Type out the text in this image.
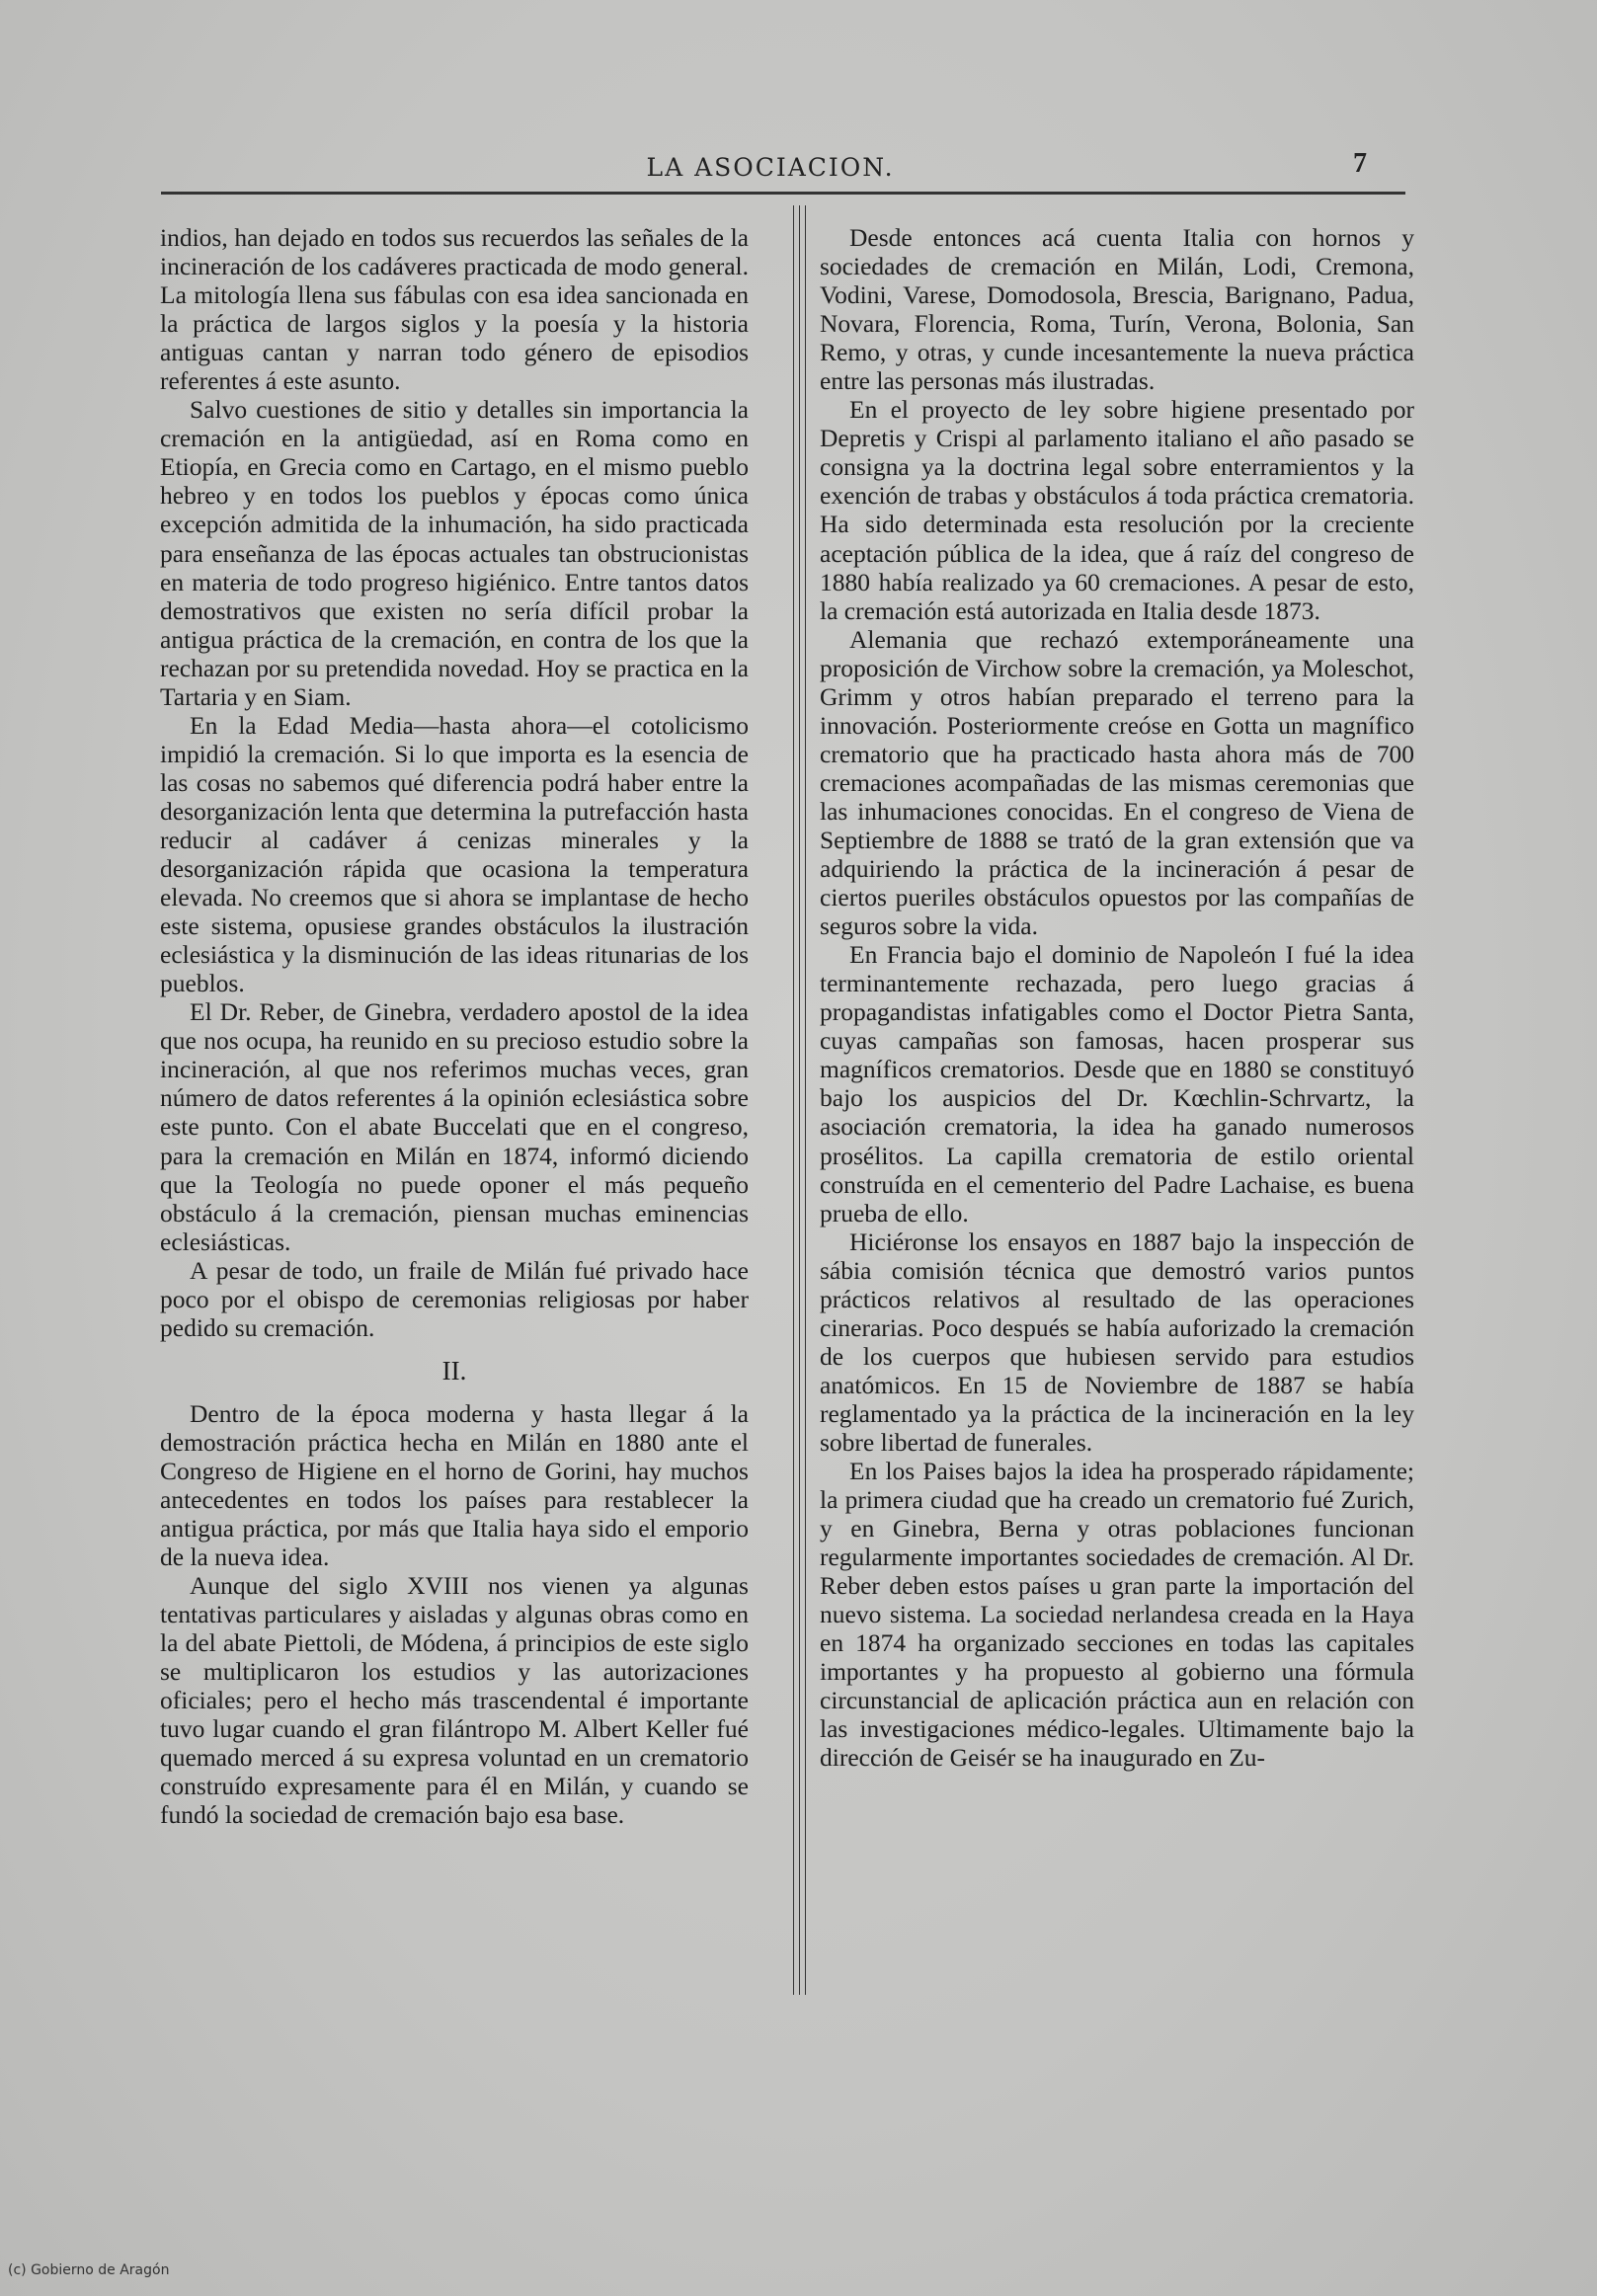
LA ASOCIACION.	7

indios, han dejado en todos sus recuerdos las señales de la incineración de los cadáveres practicada de modo general. La mitología llena sus fábulas con esa idea sancionada en la práctica de largos siglos y la poesía y la historia antiguas cantan y narran todo género de episodios referentes á este asunto.

Salvo cuestiones de sitio y detalles sin importancia la cremación en la antigüedad, así en Roma como en Etiopía, en Grecia como en Cartago, en el mismo pueblo hebreo y en todos los pueblos y épocas como única excepción admitida de la inhumación, ha sido practicada para enseñanza de las épocas actuales tan obstrucionistas en materia de todo progreso higiénico. Entre tantos datos demostrativos que existen no sería difícil probar la antigua práctica de la cremación, en contra de los que la rechazan por su pretendida novedad. Hoy se practica en la Tartaria y en Siam.

En la Edad Media—hasta ahora—el cotolicismo impidió la cremación. Si lo que importa es la esencia de las cosas no sabemos qué diferencia podrá haber entre la desorganización lenta que determina la putrefacción hasta reducir al cadáver á cenizas minerales y la desorganización rápida que ocasiona la temperatura elevada. No creemos que si ahora se implantase de hecho este sistema, opusiese grandes obstáculos la ilustración eclesiástica y la disminución de las ideas ritunarias de los pueblos.

El Dr. Reber, de Ginebra, verdadero apostol de la idea que nos ocupa, ha reunido en su precioso estudio sobre la incineración, al que nos referimos muchas veces, gran número de datos referentes á la opinión eclesiástica sobre este punto. Con el abate Buccelati que en el congreso, para la cremación en Milán en 1874, informó diciendo que la Teología no puede oponer el más pequeño obstáculo á la cremación, piensan muchas eminencias eclesiásticas.

A pesar de todo, un fraile de Milán fué privado hace poco por el obispo de ceremonias religiosas por haber pedido su cremación.

II.

Dentro de la época moderna y hasta llegar á la demostración práctica hecha en Milán en 1880 ante el Congreso de Higiene en el horno de Gorini, hay muchos antecedentes en todos los países para restablecer la antigua práctica, por más que Italia haya sido el emporio de la nueva idea.

Aunque del siglo XVIII nos vienen ya algunas tentativas particulares y aisladas y algunas obras como en la del abate Piettoli, de Módena, á principios de este siglo se multiplicaron los estudios y las autorizaciones oficiales; pero el hecho más trascendental é importante tuvo lugar cuando el gran filántropo M. Albert Keller fué quemado merced á su expresa voluntad en un crematorio construído expresamente para él en Milán, y cuando se fundó la sociedad de cremación bajo esa base.

Desde entonces acá cuenta Italia con hornos y sociedades de cremación en Milán, Lodi, Cremona, Vodini, Varese, Domodosola, Brescia, Barignano, Padua, Novara, Florencia, Roma, Turín, Verona, Bolonia, San Remo, y otras, y cunde incesantemente la nueva práctica entre las personas más ilustradas.

En el proyecto de ley sobre higiene presentado por Depretis y Crispi al parlamento italiano el año pasado se consigna ya la doctrina legal sobre enterramientos y la exención de trabas y obstáculos á toda práctica crematoria. Ha sido determinada esta resolución por la creciente aceptación pública de la idea, que á raíz del congreso de 1880 había realizado ya 60 cremaciones. A pesar de esto, la cremación está autorizada en Italia desde 1873.

Alemania que rechazó extemporáneamente una proposición de Virchow sobre la cremación, ya Moleschot, Grimm y otros habían preparado el terreno para la innovación. Posteriormente creóse en Gotta un magnífico crematorio que ha practicado hasta ahora más de 700 cremaciones acompañadas de las mismas ceremonias que las inhumaciones conocidas. En el congreso de Viena de Septiembre de 1888 se trató de la gran extensión que va adquiriendo la práctica de la incineración á pesar de ciertos pueriles obstáculos opuestos por las compañías de seguros sobre la vida.

En Francia bajo el dominio de Napoleón I fué la idea terminantemente rechazada, pero luego gracias á propagandistas infatigables como el Doctor Pietra Santa, cuyas campañas son famosas, hacen prosperar sus magníficos crematorios. Desde que en 1880 se constituyó bajo los auspicios del Dr. Kœchlin-Schrvartz, la asociación crematoria, la idea ha ganado numerosos prosélitos. La capilla crematoria de estilo oriental construída en el cementerio del Padre Lachaise, es buena prueba de ello.

Hiciéronse los ensayos en 1887 bajo la inspección de sábia comisión técnica que demostró varios puntos prácticos relativos al resultado de las operaciones cinerarias. Poco después se había auforizado la cremación de los cuerpos que hubiesen servido para estudios anatómicos. En 15 de Noviembre de 1887 se había reglamentado ya la práctica de la incineración en la ley sobre libertad de funerales.

En los Paises bajos la idea ha prosperado rápidamente; la primera ciudad que ha creado un crematorio fué Zurich, y en Ginebra, Berna y otras poblaciones funcionan regularmente importantes sociedades de cremación. Al Dr. Reber deben estos países u gran parte la importación del nuevo sistema. La sociedad nerlandesa creada en la Haya en 1874 ha organizado secciones en todas las capitales importantes y ha propuesto al gobierno una fórmula circunstancial de aplicación práctica aun en relación con las investigaciones médico-legales. Ultimamente bajo la dirección de Geisér se ha inaugurado en Zu-

(c) Gobierno de Aragón
